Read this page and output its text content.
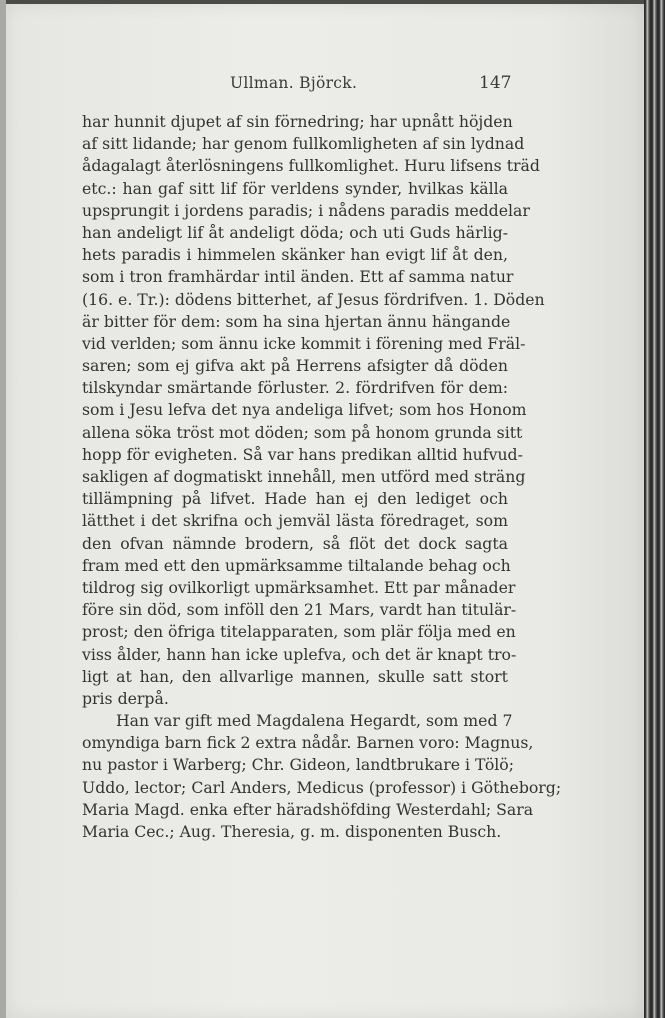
Ullman. Björck.	147
har hunnit djupet af sin förnedring; har upnått höjden
af sitt lidande; har genom fullkomligheten af sin lydnad
ådagalagt återlösningens fullkomlighet. Huru lifsens träd
etc.: han gaf sitt lif för verldens synder, hvilkas källa
upsprungit i jordens paradis; i nådens paradis meddelar
han andeligt lif åt andeligt döda; och uti Guds härlig-
hets paradis i himmelen skänker han evigt lif åt den,
som i tron framhärdar intil änden. Ett af samma natur
(16. e. Tr.): dödens bitterhet, af Jesus fördrifven. 1. Döden
är bitter för dem: som ha sina hjertan ännu hängande
vid verlden; som ännu icke kommit i förening med Fräl-
saren; som ej gifva akt på Herrens afsigter då döden
tilskyndar smärtande förluster. 2. fördrifven för dem:
som i Jesu lefva det nya andeliga lifvet; som hos Honom
allena söka tröst mot döden; som på honom grunda sitt
hopp för evigheten. Så var hans predikan alltid hufvud-
sakligen af dogmatiskt innehåll, men utförd med sträng
tillämpning på lifvet. Hade han ej den lediget och
lätthet i det skrifna och jemväl lästa föredraget, som
den ofvan nämnde brodern, så flöt det dock sagta
fram med ett den upmärksamme tiltalande behag och
tildrog sig ovilkorligt upmärksamhet. Ett par månader
före sin död, som inföll den 21 Mars, vardt han titulär-
prost; den öfriga titelapparaten, som plär följa med en
viss ålder, hann han icke uplefva, och det är knapt tro-
ligt at han, den allvarlige mannen, skulle satt stort
pris derpå.
Han var gift med Magdalena Hegardt, som med 7
omyndiga barn fick 2 extra nådår. Barnen voro: Magnus,
nu pastor i Warberg; Chr. Gideon, landtbrukare i Tölö;
Uddo, lector; Carl Anders, Medicus (professor) i Götheborg;
Maria Magd. enka efter häradshöfding Westerdahl; Sara
Maria Cec.; Aug. Theresia, g. m. disponenten Busch.
